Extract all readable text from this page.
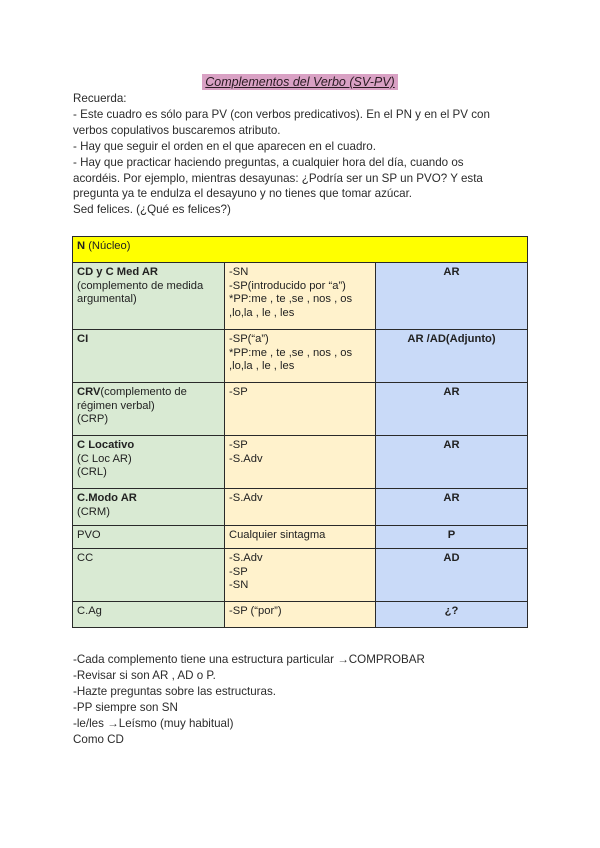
Complementos del Verbo (SV-PV)
Recuerda:
- Este cuadro es sólo para PV (con verbos predicativos). En el PN y en el PV con
verbos copulativos buscaremos atributo.
- Hay que seguir el orden en el que aparecen en el cuadro.
- Hay que practicar haciendo preguntas, a cualquier hora del día, cuando os
acordéis. Por ejemplo, mientras desayunas: ¿Podría ser un SP un PVO? Y esta
pregunta ya te endulza el desayuno y no tienes que tomar azúcar.
Sed felices. (¿Qué es felices?)
N (Núcleo)		
CD y C Med AR
(complemento de medida
argumental)	-SN
-SP(introducido por “a”)
*PP:me , te ,se , nos , os
,lo,la , le , les	AR
CI	-SP(“a”)
*PP:me , te ,se , nos , os
,lo,la , le , les	AR /AD(Adjunto)
CRV(complemento de
régimen verbal)
(CRP)	-SP	AR
C Locativo
(C Loc AR)
(CRL)	-SP
-S.Adv	AR
C.Modo AR
(CRM)	-S.Adv	AR
PVO	Cualquier sintagma	P
CC	-S.Adv
-SP
-SN	AD
C.Ag	-SP (“por”)	¿?
-Cada complemento tiene una estructura particular →COMPROBAR
-Revisar si son AR , AD o P.
-Hazte preguntas sobre las estructuras.
-PP siempre son SN
-le/les →Leísmo (muy habitual)
Como CD
